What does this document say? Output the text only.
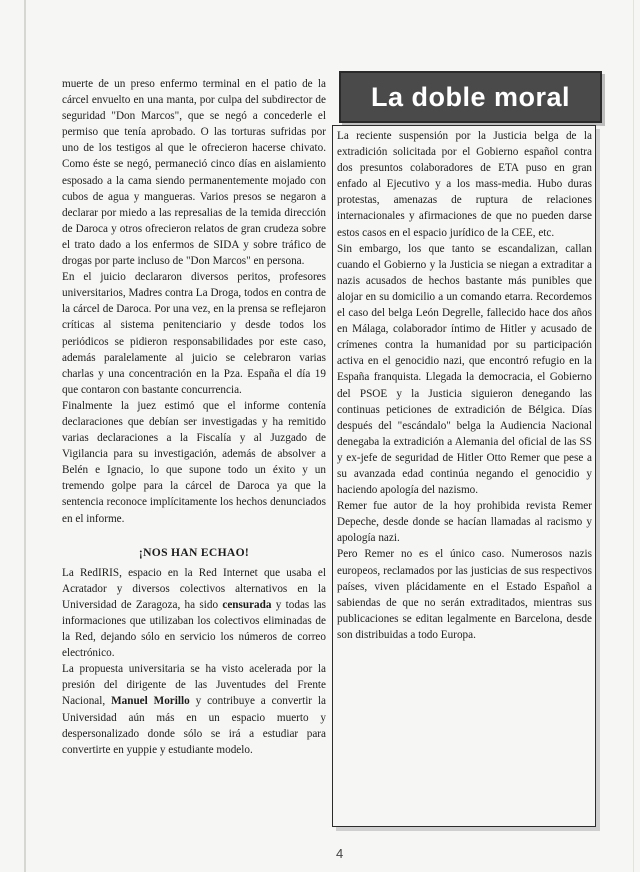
muerte de un preso enfermo terminal en el patio de la cárcel envuelto en una manta, por culpa del subdirector de seguridad "Don Marcos", que se negó a concederle el permiso que tenía aprobado. O las torturas sufridas por uno de los testigos al que le ofrecieron hacerse chivato. Como éste se negó, permaneció cinco días en aislamiento esposado a la cama siendo permanentemente mojado con cubos de agua y mangueras. Varios presos se negaron a declarar por miedo a las represalias de la temida dirección de Daroca y otros ofrecieron relatos de gran crudeza sobre el trato dado a los enfermos de SIDA y sobre tráfico de drogas por parte incluso de "Don Marcos" en persona.

En el juicio declararon diversos peritos, profesores universitarios, Madres contra La Droga, todos en contra de la cárcel de Daroca. Por una vez, en la prensa se reflejaron críticas al sistema penitenciario y desde todos los periódicos se pidieron responsabilidades por este caso, además paralelamente al juicio se celebraron varias charlas y una concentración en la Pza. España el día 19 que contaron con bastante concurrencia.

Finalmente la juez estimó que el informe contenía declaraciones que debían ser investigadas y ha remitido varias declaraciones a la Fiscalía y al Juzgado de Vigilancia para su investigación, además de absolver a Belén e Ignacio, lo que supone todo un éxito y un tremendo golpe para la cárcel de Daroca ya que la sentencia reconoce implícitamente los hechos denunciados en el informe.

¡NOS HAN ECHAO!

La RedIRIS, espacio en la Red Internet que usaba el Acratador y diversos colectivos alternativos en la Universidad de Zaragoza, ha sido censurada y todas las informaciones que utilizaban los colectivos eliminadas de la Red, dejando sólo en servicio los números de correo electrónico.

La propuesta universitaria se ha visto acelerada por la presión del dirigente de las Juventudes del Frente Nacional, Manuel Morillo y contribuye a convertir la Universidad aún más en un espacio muerto y despersonalizado donde sólo se irá a estudiar para convertirte en yuppie y estudiante modelo.

La doble moral

La reciente suspensión por la Justicia belga de la extradición solicitada por el Gobierno español contra dos presuntos colaboradores de ETA puso en gran enfado al Ejecutivo y a los mass-media. Hubo duras protestas, amenazas de ruptura de relaciones internacionales y afirmaciones de que no pueden darse estos casos en el espacio jurídico de la CEE, etc.

Sin embargo, los que tanto se escandalizan, callan cuando el Gobierno y la Justicia se niegan a extraditar a nazis acusados de hechos bastante más punibles que alojar en su domicilio a un comando etarra. Recordemos el caso del belga León Degrelle, fallecido hace dos años en Málaga, colaborador íntimo de Hitler y acusado de crímenes contra la humanidad por su participación activa en el genocidio nazi, que encontró refugio en la España franquista. Llegada la democracia, el Gobierno del PSOE y la Justicia siguieron denegando las continuas peticiones de extradición de Bélgica. Días después del "escándalo" belga la Audiencia Nacional denegaba la extradición a Alemania del oficial de las SS y ex-jefe de seguridad de Hitler Otto Remer que pese a su avanzada edad continúa negando el genocidio y haciendo apología del nazismo.

Remer fue autor de la hoy prohibida revista Remer Depeche, desde donde se hacían llamadas al racismo y apología nazi.

Pero Remer no es el único caso. Numerosos nazis europeos, reclamados por las justicias de sus respectivos países, viven plácidamente en el Estado Español a sabiendas de que no serán extraditados, mientras sus publicaciones se editan legalmente en Barcelona, desde son distribuidas a todo Europa.

4
